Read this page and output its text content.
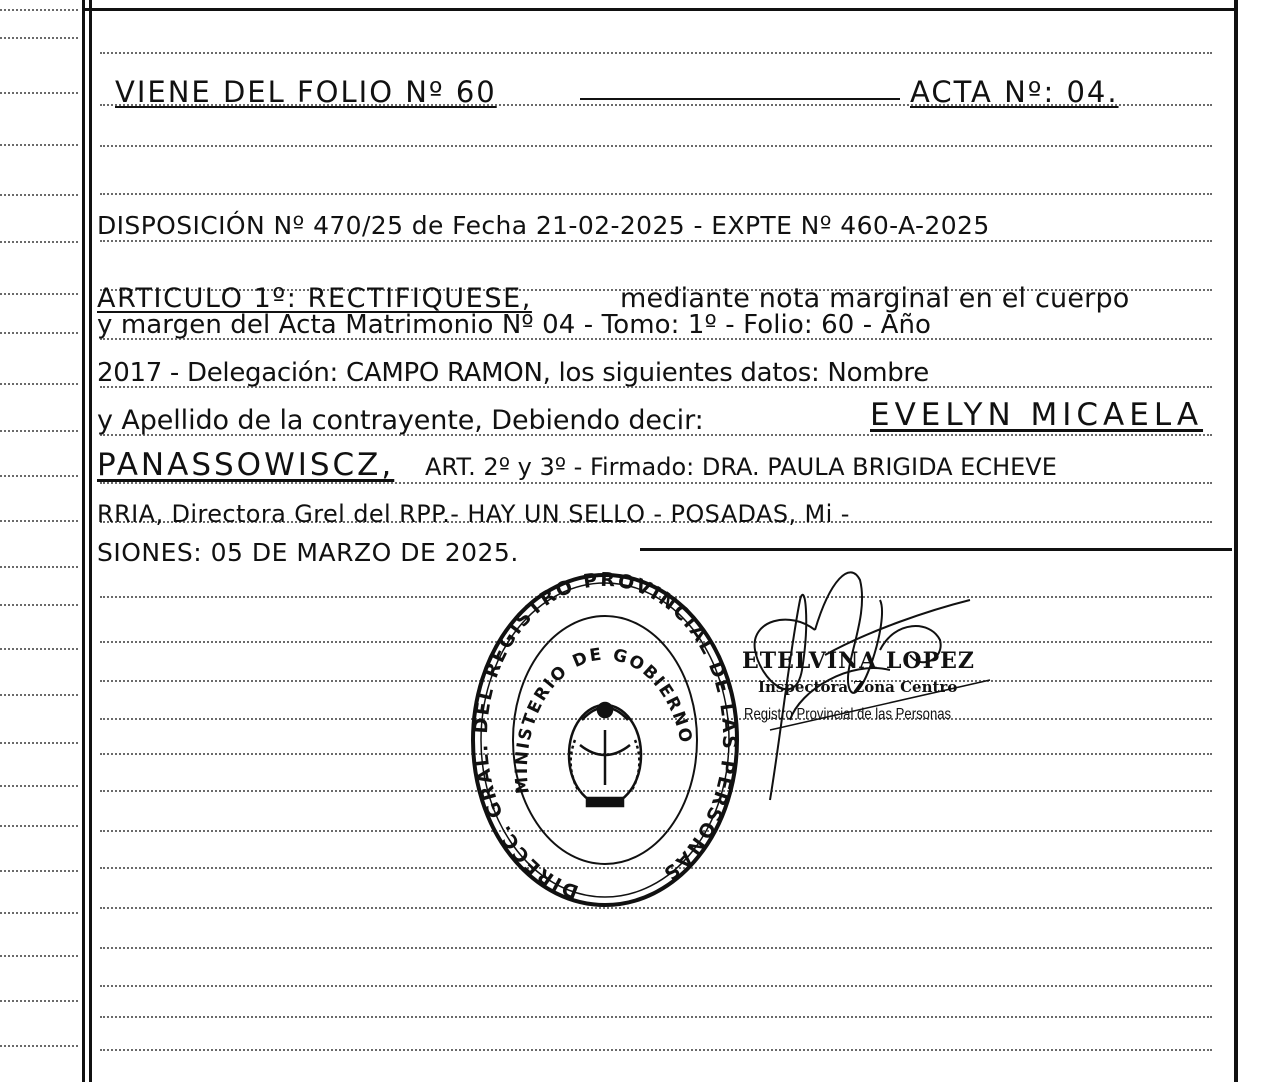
VIENE DEL FOLIO Nº 60	ACTA Nº: 04.
DISPOSICIÓN Nº 470/25 de Fecha 21-02-2025 - EXPTE Nº 460-A-2025
ARTICULO 1º: RECTIFIQUESE,	mediante nota marginal en el cuerpo
y margen del Acta Matrimonio Nº 04 - Tomo: 1º - Folio: 60 - Año
2017 - Delegación: CAMPO RAMON, los siguientes datos: Nombre
y Apellido de la contrayente, Debiendo decir:	EVELYN MICAELA
PANASSOWISCZ, ART. 2º y 3º - Firmado: DRA. PAULA BRIGIDA ECHEVE
RRIA, Directora Grel del RPP.- HAY UN SELLO - POSADAS, Mi -
SIONES: 05 DE MARZO DE 2025.
DIRECC. GRAL. DEL REGISTRO PROVINCIAL DE LAS PERSONAS
MINISTERIO DE GOBIERNO
ETELVINA LOPEZ
Inspectora Zona Centro
Registro Provincial de las Personas
